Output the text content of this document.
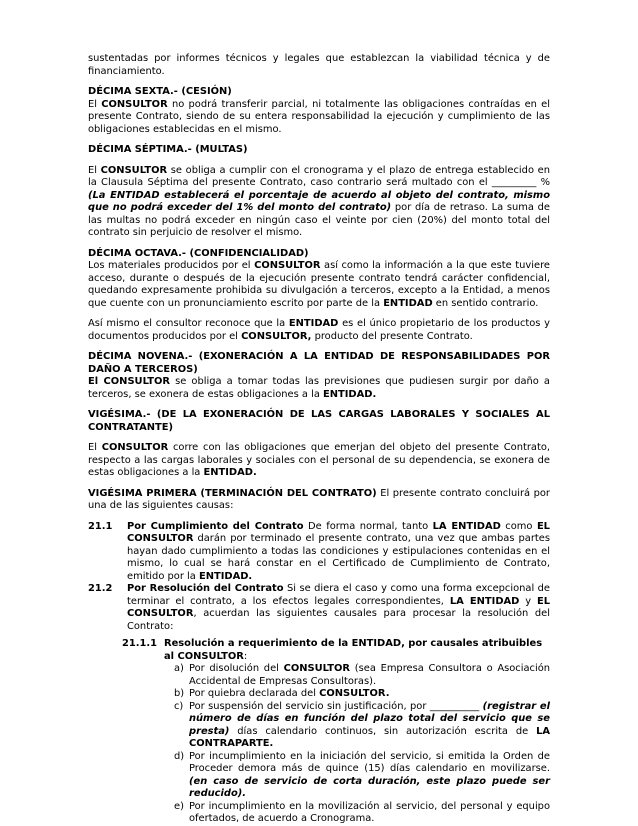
sustentadas por informes técnicos y legales que establezcan la viabilidad técnica y de financiamiento.

DÉCIMA SEXTA.- (CESIÓN)

El CONSULTOR no podrá transferir parcial, ni totalmente las obligaciones contraídas en el presente Contrato, siendo de su entera responsabilidad la ejecución y cumplimiento de las obligaciones establecidas en el mismo.

DÉCIMA SÉPTIMA.- (MULTAS)

El CONSULTOR se obliga a cumplir con el cronograma y el plazo de entrega establecido en la Clausula Séptima del presente Contrato, caso contrario será multado con el _________ % (La ENTIDAD establecerá el porcentaje de acuerdo al objeto del contrato, mismo que no podrá exceder del 1% del monto del contrato) por día de retraso. La suma de las multas no podrá exceder en ningún caso el veinte por cien (20%) del monto total del contrato sin perjuicio de resolver el mismo.

DÉCIMA OCTAVA.- (CONFIDENCIALIDAD)

Los materiales producidos por el CONSULTOR así como la información a la que este tuviere acceso, durante o después de la ejecución presente contrato tendrá carácter confidencial, quedando expresamente prohibida su divulgación a terceros, excepto a la Entidad, a menos que cuente con un pronunciamiento escrito por parte de la ENTIDAD en sentido contrario.

Así mismo el consultor reconoce que la ENTIDAD es el único propietario de los productos y documentos producidos por el CONSULTOR, producto del presente Contrato.

DÉCIMA NOVENA.- (EXONERACIÓN A LA ENTIDAD DE RESPONSABILIDADES POR DAÑO A TERCEROS)

El CONSULTOR se obliga a tomar todas las previsiones que pudiesen surgir por daño a terceros, se exonera de estas obligaciones a la ENTIDAD.

VIGÉSIMA.- (DE LA EXONERACIÓN DE LAS CARGAS LABORALES Y SOCIALES AL CONTRATANTE)

El CONSULTOR corre con las obligaciones que emerjan del objeto del presente Contrato, respecto a las cargas laborales y sociales con el personal de su dependencia, se exonera de estas obligaciones a la ENTIDAD.

VIGÉSIMA PRIMERA (TERMINACIÓN DEL CONTRATO) El presente contrato concluirá por una de las siguientes causas:

21.1	Por Cumplimiento del Contrato De forma normal, tanto LA ENTIDAD como EL CONSULTOR darán por terminado el presente contrato, una vez que ambas partes hayan dado cumplimiento a todas las condiciones y estipulaciones contenidas en el mismo, lo cual se hará constar en el Certificado de Cumplimiento de Contrato, emitido por la ENTIDAD.
21.2	Por Resolución del Contrato Si se diera el caso y como una forma excepcional de terminar el contrato, a los efectos legales correspondientes, LA ENTIDAD y EL CONSULTOR, acuerdan las siguientes causales para procesar la resolución del Contrato:
21.1.1 Resolución a requerimiento de la ENTIDAD, por causales atribuibles al CONSULTOR:
a) Por disolución del CONSULTOR (sea Empresa Consultora o Asociación Accidental de Empresas Consultoras).
b) Por quiebra declarada del CONSULTOR.
c) Por suspensión del servicio sin justificación, por __________ (registrar el número de días en función del plazo total del servicio que se presta) días calendario continuos, sin autorización escrita de LA CONTRAPARTE.
d) Por incumplimiento en la iniciación del servicio, si emitida la Orden de Proceder demora más de quince (15) días calendario en movilizarse. (en caso de servicio de corta duración, este plazo puede ser reducido).
e) Por incumplimiento en la movilización al servicio, del personal y equipo ofertados, de acuerdo a Cronograma.
